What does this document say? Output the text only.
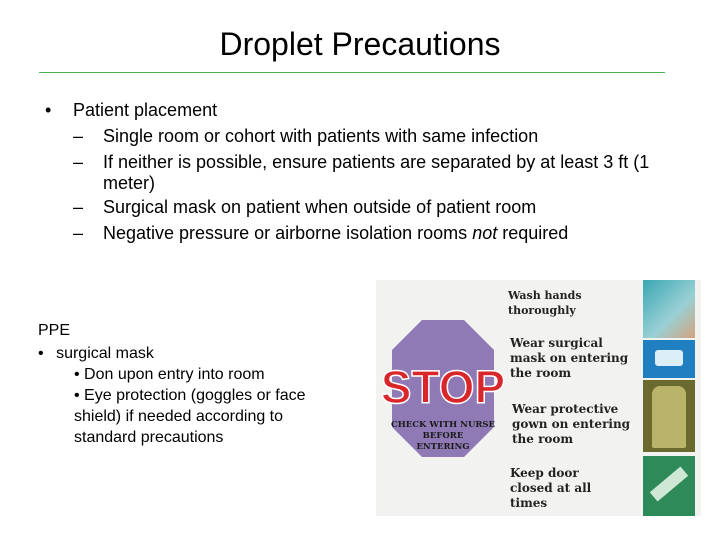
Droplet Precautions
• Patient placement
– Single room or cohort with patients with same infection
– If neither is possible, ensure patients are separated by at least 3 ft (1 meter)
– Surgical mask on patient when outside of patient room
– Negative pressure or airborne isolation rooms not required
PPE
• surgical mask
• Don upon entry into room
• Eye protection (goggles or face
shield) if needed according to
standard precautions
STOP
CHECK WITH NURSE
BEFORE
ENTERING
Wash hands thoroughly
Wear surgical mask on entering the room
Wear protective gown on entering the room
Keep door closed at all times
